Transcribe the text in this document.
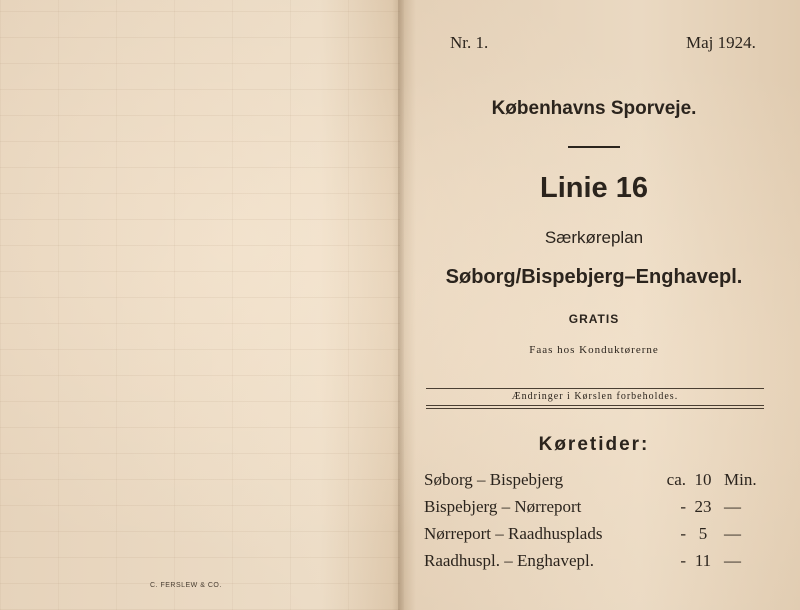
C. FERSLEW & CO.
Nr. 1.	Maj 1924.
Københavns Sporveje.
Linie 16
Særkøreplan
Søborg/Bispebjerg–Enghavepl.
GRATIS
Faas hos Konduktørerne
Ændringer i Kørslen forbeholdes.
Køretider:
Søborg – Bispebjerg	ca. 10 Min.
Bispebjerg – Nørreport	- 23 —
Nørreport – Raadhusplads	- 5 —
Raadhuspl. – Enghavepl.	- 11 —
